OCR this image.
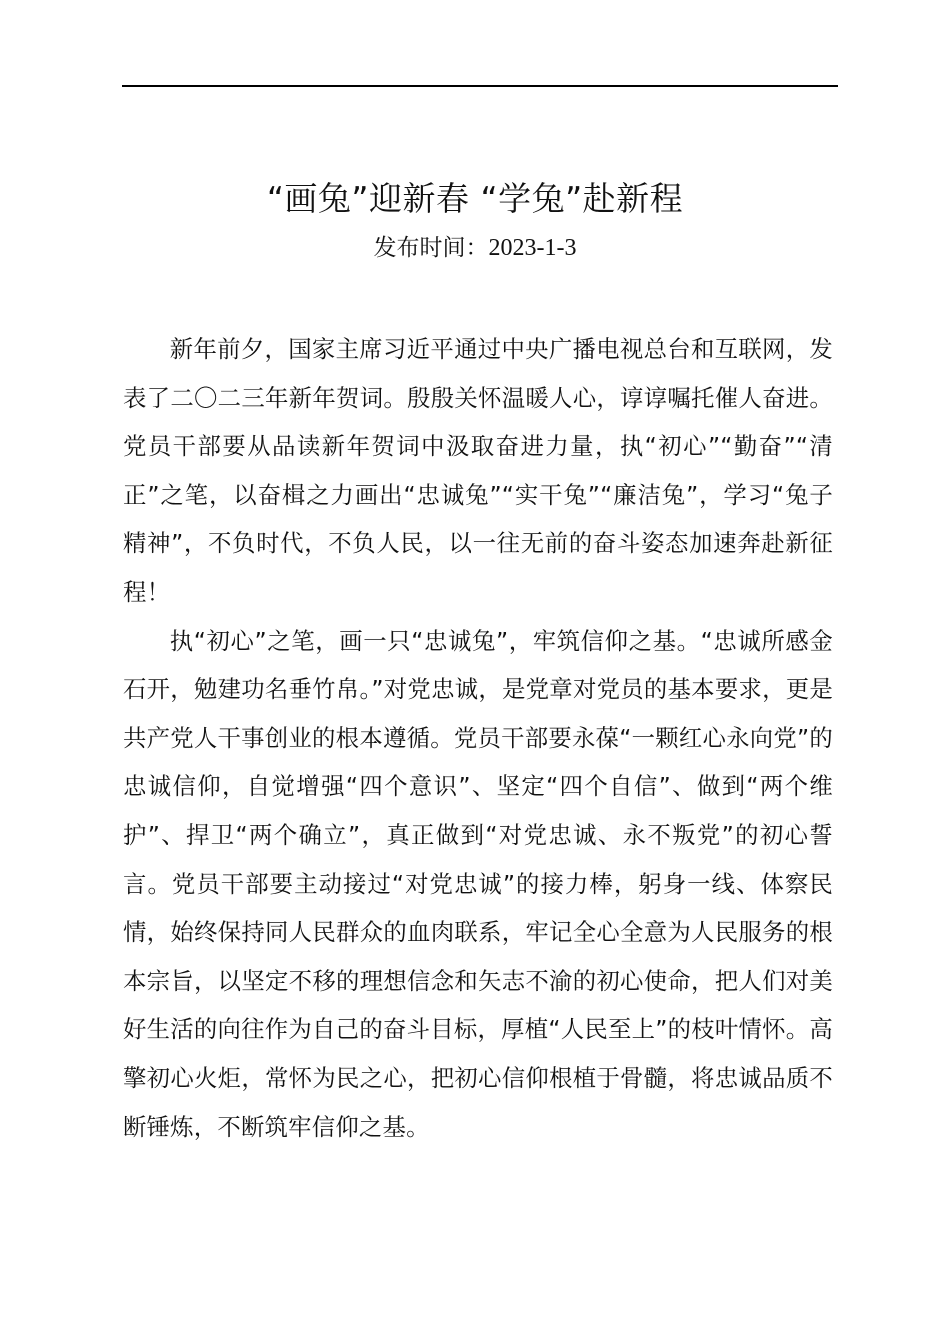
“画兔”迎新春 “学兔”赴新程
发布时间：2023-1-3

新年前夕，国家主席习近平通过中央广播电视总台和互联网，发表了二〇二三年新年贺词。殷殷关怀温暖人心，谆谆嘱托催人奋进。党员干部要从品读新年贺词中汲取奋进力量，执“初心”“勤奋”“清正”之笔，以奋楫之力画出“忠诚兔”“实干兔”“廉洁兔”，学习“兔子精神”，不负时代，不负人民，以一往无前的奋斗姿态加速奔赴新征程！

执“初心”之笔，画一只“忠诚兔”，牢筑信仰之基。“忠诚所感金石开，勉建功名垂竹帛。”对党忠诚，是党章对党员的基本要求，更是共产党人干事创业的根本遵循。党员干部要永葆“一颗红心永向党”的忠诚信仰，自觉增强“四个意识”、坚定“四个自信”、做到“两个维护”、捍卫“两个确立”，真正做到“对党忠诚、永不叛党”的初心誓言。党员干部要主动接过“对党忠诚”的接力棒，躬身一线、体察民情，始终保持同人民群众的血肉联系，牢记全心全意为人民服务的根本宗旨，以坚定不移的理想信念和矢志不渝的初心使命，把人们对美好生活的向往作为自己的奋斗目标，厚植“人民至上”的枝叶情怀。高擎初心火炬，常怀为民之心，把初心信仰根植于骨髓，将忠诚品质不断锤炼，不断筑牢信仰之基。
